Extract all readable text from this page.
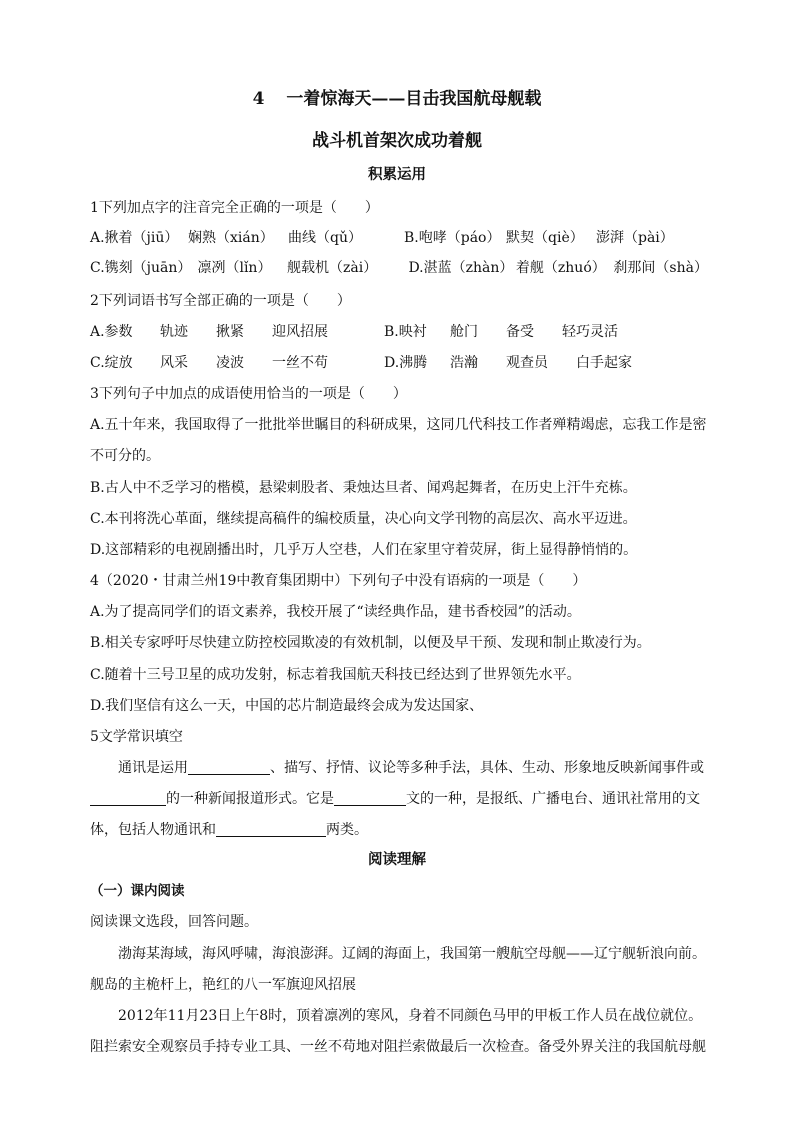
4 一着惊海天——目击我国航母舰载
战斗机首架次成功着舰
积累运用
1下列加点字的注音完全正确的一项是（　　）
A.揪着（jiū） 娴熟（xián）	曲线（qǔ）	B.咆哮（páo） 默契（qiè） 澎湃（pài）
C.镌刻（juān） 凛冽（lǐn）	舰载机（zài）	D.湛蓝（zhàn） 着舰（zhuó） 刹那间（shà）
2下列词语书写全部正确的一项是（　　）
A.参数	轨迹	揪紧	迎风招展	B.映衬	舱门	备受	轻巧灵活
C.绽放	风采	凌波	一丝不苟	D.沸腾	浩瀚	观查员	白手起家
3下列句子中加点的成语使用恰当的一项是（　　）
A.五十年来，我国取得了一批批举世瞩目的科研成果，这同几代科技工作者殚精竭虑，忘我工作是密
不可分的。
B.古人中不乏学习的楷模，悬梁刺股者、秉烛达旦者、闻鸡起舞者，在历史上汗牛充栋。
C.本刊将洗心革面，继续提高稿件的编校质量，决心向文学刊物的高层次、高水平迈进。
D.这部精彩的电视剧播出时，几乎万人空巷，人们在家里守着荧屏，街上显得静悄悄的。
4（2020・甘肃兰州19中教育集团期中）下列句子中没有语病的一项是（　　）
A.为了提高同学们的语文素养，我校开展了“读经典作品，建书香校园”的活动。
B.相关专家呼吁尽快建立防控校园欺凌的有效机制，以便及早干预、发现和制止欺凌行为。
C.随着十三号卫星的成功发射，标志着我国航天科技已经达到了世界领先水平。
D.我们坚信有这么一天，中国的芯片制造最终会成为发达国家、
5文学常识填空
通讯是运用	、描写、抒情、议论等多种手法，具体、生动、形象地反映新闻事件或
的一种新闻报道形式。它是	文的一种，是报纸、广播电台、通讯社常用的文
体，包括人物通讯和	两类。
阅读理解
（一）课内阅读
阅读课文选段，回答问题。
渤海某海域，海风呼啸，海浪澎湃。辽阔的海面上，我国第一艘航空母舰——辽宁舰斩浪向前。
舰岛的主桅杆上，艳红的八一军旗迎风招展
2012年11月23日上午8时，顶着凛冽的寒风，身着不同颜色马甲的甲板工作人员在战位就位。
阻拦索安全观察员手持专业工具、一丝不苟地对阻拦索做最后一次检查。备受外界关注的我国航母舰
